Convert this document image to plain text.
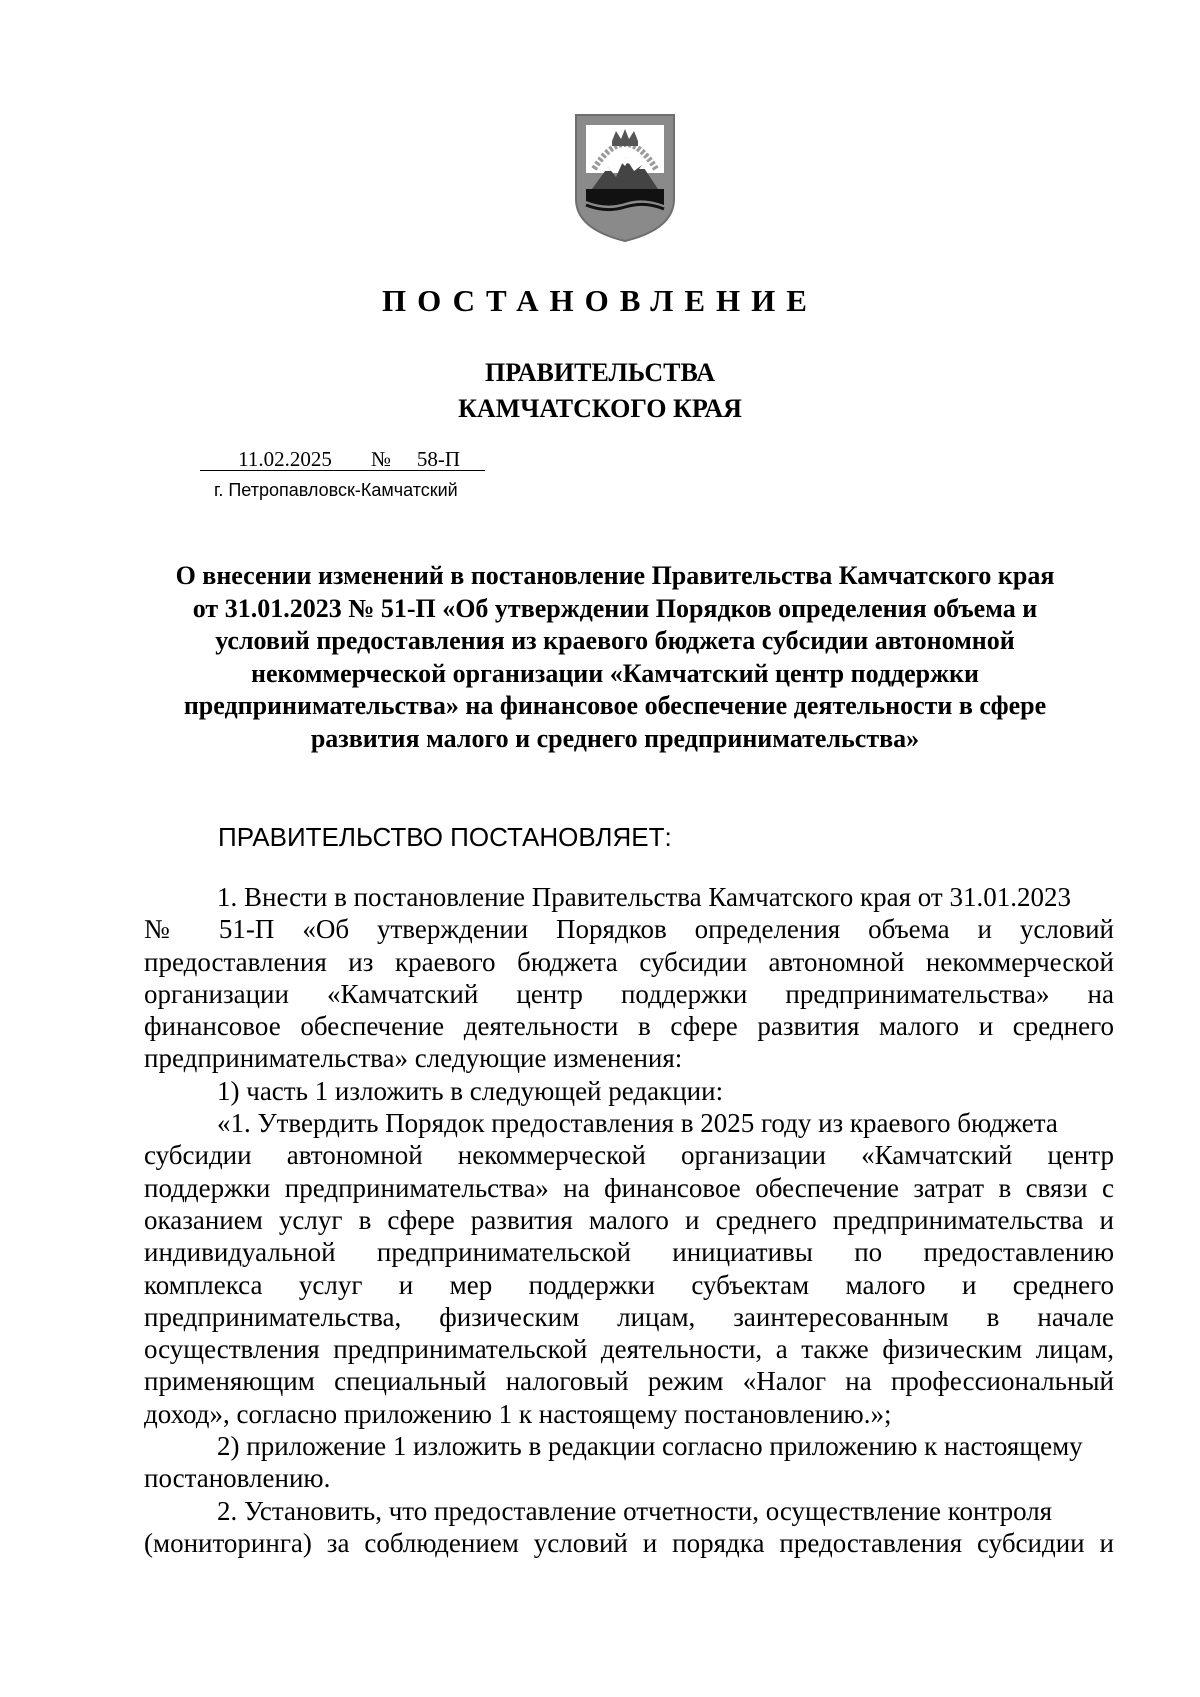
ПОСТАНОВЛЕНИЕ
ПРАВИТЕЛЬСТВА
КАМЧАТСКОГО КРАЯ
11.02.2025 № 58-П
г. Петропавловск-Камчатский
О внесении изменений в постановление Правительства Камчатского края
от 31.01.2023 № 51-П «Об утверждении Порядков определения объема и
условий предоставления из краевого бюджета субсидии автономной
некоммерческой организации «Камчатский центр поддержки
предпринимательства» на финансовое обеспечение деятельности в сфере
развития малого и среднего предпринимательства»
ПРАВИТЕЛЬСТВО ПОСТАНОВЛЯЕТ:
1. Внести в постановление Правительства Камчатского края от 31.01.2023
№ 51-П «Об утверждении Порядков определения объема и условий
предоставления из краевого бюджета субсидии автономной некоммерческой
организации «Камчатский центр поддержки предпринимательства» на
финансовое обеспечение деятельности в сфере развития малого и среднего
предпринимательства» следующие изменения:
1) часть 1 изложить в следующей редакции:
«1. Утвердить Порядок предоставления в 2025 году из краевого бюджета
субсидии автономной некоммерческой организации «Камчатский центр
поддержки предпринимательства» на финансовое обеспечение затрат в связи с
оказанием услуг в сфере развития малого и среднего предпринимательства и
индивидуальной предпринимательской инициативы по предоставлению
комплекса услуг и мер поддержки субъектам малого и среднего
предпринимательства, физическим лицам, заинтересованным в начале
осуществления предпринимательской деятельности, а также физическим лицам,
применяющим специальный налоговый режим «Налог на профессиональный
доход», согласно приложению 1 к настоящему постановлению.»;
2) приложение 1 изложить в редакции согласно приложению к настоящему
постановлению.
2. Установить, что предоставление отчетности, осуществление контроля
(мониторинга) за соблюдением условий и порядка предоставления субсидии и
